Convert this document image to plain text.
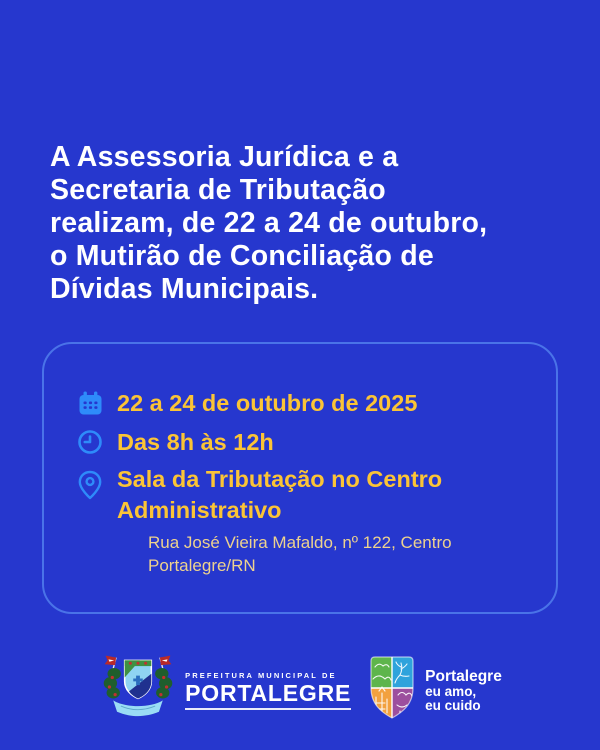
A Assessoria Jurídica e a
Secretaria de Tributação
realizam, de 22 a 24 de outubro,
o Mutirão de Conciliação de
Dívidas Municipais.
22 a 24 de outubro de 2025
Das 8h às 12h
Sala da Tributação no Centro
Administrativo
Rua José Vieira Mafaldo, nº 122, Centro
Portalegre/RN
PREFEITURA MUNICIPAL DE
PORTALEGRE
Portalegre
eu amo,
eu cuido
